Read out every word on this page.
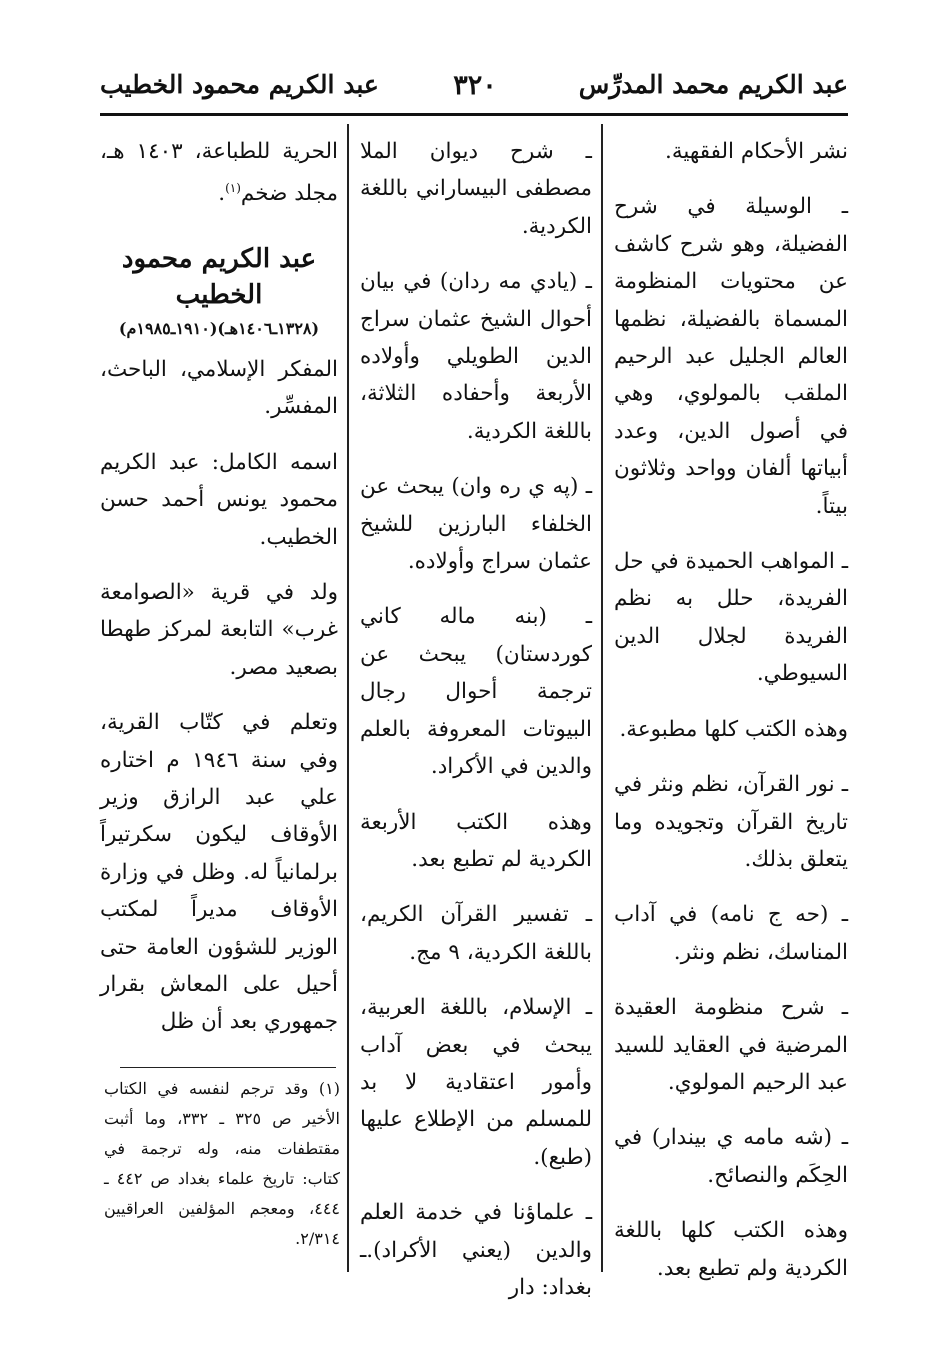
عبد الكريم محمد المدرِّس
٣٢٠
عبد الكريم محمود الخطيب

نشر الأحكام الفقهية.

ـ الوسيلة في شرح الفضيلة، وهو شرح كاشف عن محتويات المنظومة المسماة بالفضيلة، نظمها العالم الجليل عبد الرحيم الملقب بالمولوي، وهي في أصول الدين، وعدد أبياتها ألفان وواحد وثلاثون بيتاً.

ـ المواهب الحميدة في حل الفريدة، حلل به نظم الفريدة لجلال الدين السيوطي.

وهذه الكتب كلها مطبوعة.

ـ نور القرآن، نظم ونثر في تاريخ القرآن وتجويده وما يتعلق بذلك.

ـ (حه ج نامه) في آداب المناسك، نظم ونثر.

ـ شرح منظومة العقيدة المرضية في العقايد للسيد عبد الرحيم المولوي.

ـ (شه مامه ي بيندار) في الحِكَم والنصائح.

وهذه الكتب كلها باللغة الكردية ولم تطبع بعد.

ـ شرح ديوان الملا مصطفى البيساراني باللغة الكردية.

ـ (يادي مه ردان) في بيان أحوال الشيخ عثمان سراج الدين الطويلي وأولاده الأربعة وأحفاده الثلاثة، باللغة الكردية.

ـ (په ي ره وان) يبحث عن الخلفاء البارزين للشيخ عثمان سراج وأولاده.

ـ (بنه ماله كاني كوردستان) يبحث عن ترجمة أحوال رجال البيوتات المعروفة بالعلم والدين في الأكراد.

وهذه الكتب الأربعة الكردية لم تطبع بعد.

ـ تفسير القرآن الكريم، باللغة الكردية، ٩ مج.

ـ الإسلام، باللغة العربية، يبحث في بعض آداب وأمور اعتقادية لا بد للمسلم من الإطلاع عليها (طبع).

ـ علماؤنا في خدمة العلم والدين (يعني الأكراد).ـ بغداد: دار

الحرية للطباعة، ١٤٠٣ هـ، مجلد ضخم$^{(١)}$.

عبد الكريم محمود الخطيب
(١٣٢٨ـ١٤٠٦هـ)(١٩١٠ـ١٩٨٥م)

المفكر الإسلامي، الباحث، المفسِّر.

اسمه الكامل: عبد الكريم محمود يونس أحمد حسن الخطيب.

ولد في قرية «الصوامعة غرب» التابعة لمركز طهطا بصعيد مصر.

وتعلم في كتّاب القرية، وفي سنة ١٩٤٦ م اختاره علي عبد الرازق وزير الأوقاف ليكون سكرتيراً برلمانياً له. وظل في وزارة الأوقاف مديراً لمكتب الوزير للشؤون العامة حتى أحيل على المعاش بقرار جمهوري بعد أن ظل

(١) وقد ترجم لنفسه في الكتاب الأخير ص ٣٢٥ ـ ٣٣٢، وما أثبت مقتطفات منه، وله ترجمة في كتاب: تاريخ علماء بغداد ص ٤٤٢ ـ ٤٤٤، ومعجم المؤلفين العراقيين ٢/٣١٤.
